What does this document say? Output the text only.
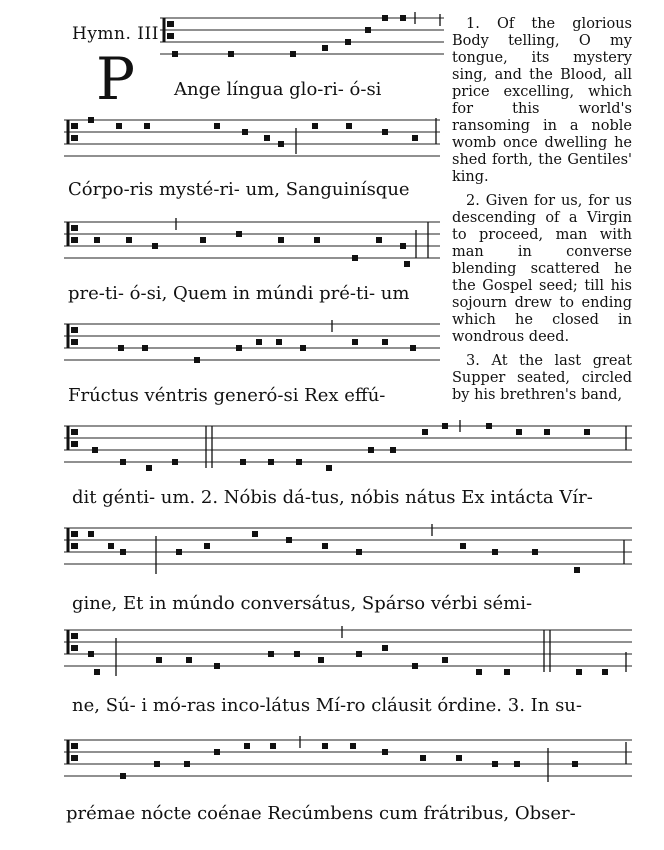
Hymn. III
P Ange língua glo-ri- ó-si
Córpo-ris mysté-ri- um, Sanguinísque
pre-ti- ó-si, Quem in múndi pré-ti- um
Frúctus véntris generó-si Rex effú-
dit génti- um. 2. Nóbis dá-tus, nóbis nátus Ex intácta Vír-
gine, Et in múndo conversátus, Spárso vérbi sémi-
ne, Sú- i mó-ras inco-látus Mí-ro cláusit órdine. 3. In su-
prémae nócte coénae Recúmbens cum frátribus, Obser-

1. Of the glorious Body telling, O my tongue, its mystery sing, and the Blood, all price excelling, which for this world's ransoming in a noble womb once dwelling he shed forth, the Gentiles' king.

2. Given for us, for us descending of a Virgin to proceed, man with man in converse blending scattered he the Gospel seed; till his sojourn drew to ending which he closed in wondrous deed.

3. At the last great Supper seated, circled by his brethren's band,
